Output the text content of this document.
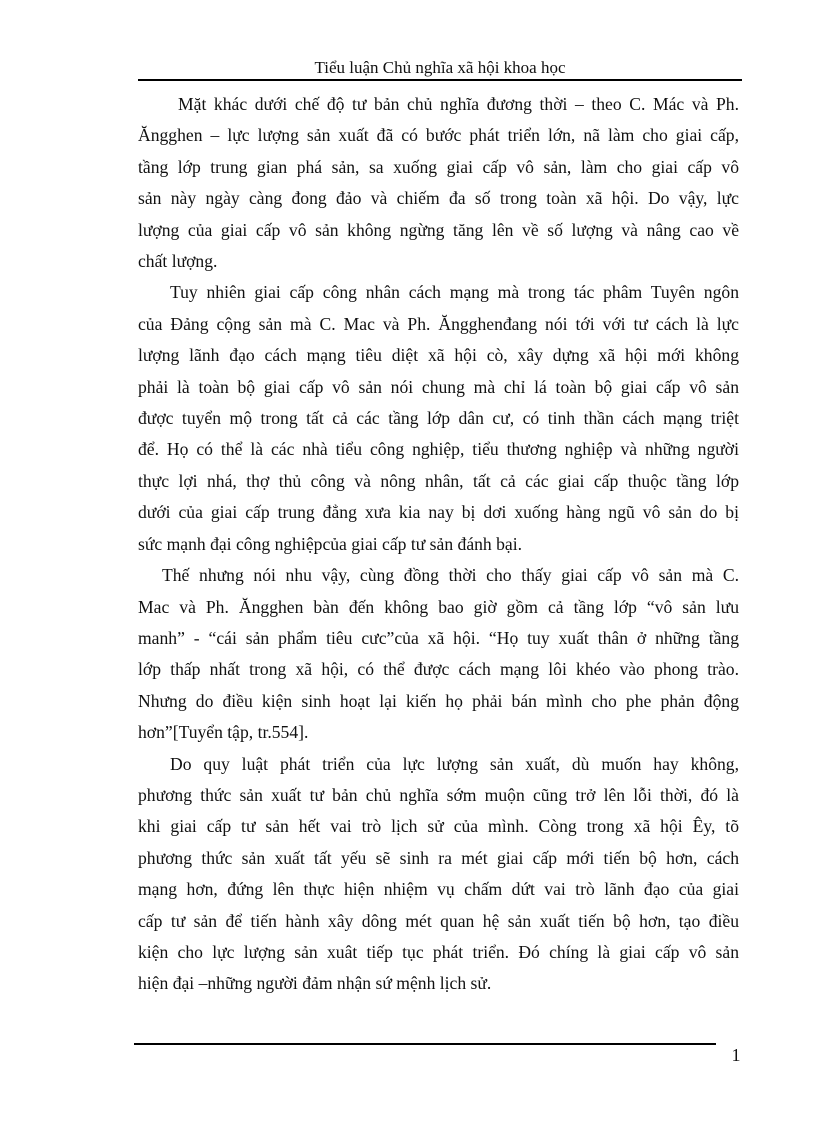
Tiểu luận Chủ nghĩa xã hội khoa học
Mặt khác dưới chế độ tư bản chủ nghĩa đương thời – theo C. Mác và Ph.
Ăngghen – lực lượng sản xuất đã có bước phát triển lớn, nã làm cho giai cấp,
tầng lớp trung gian phá sản, sa xuống giai cấp vô sản, làm cho giai cấp vô
sản này ngày càng đong đảo và chiếm đa số trong toàn xã hội. Do vậy, lực
lượng của giai cấp vô sản không ngừng tăng lên về số lượng và nâng cao về
chất lượng.
Tuy nhiên giai cấp công nhân cách mạng mà trong tác phâm Tuyên ngôn
của Đảng cộng sản mà C. Mac và Ph. Ăngghenđang nói tới với tư cách là lực
lượng lãnh đạo cách mạng tiêu diệt xã hội cò, xây dựng xã hội mới không
phải là toàn bộ giai cấp vô sản nói chung mà chỉ lá toàn bộ giai cấp vô sản
được tuyển mộ trong tất cả các tầng lớp dân cư, có tinh thần cách mạng triệt
để. Họ có thể là các nhà tiểu công nghiệp, tiểu thương nghiệp và những người
thực lợi nhá, thợ thủ công và nông nhân, tất cả các giai cấp thuộc tầng lớp
dưới của giai cấp trung đẳng xưa kia nay bị dơi xuống hàng ngũ vô sản do bị
sức mạnh đại công nghiệpcủa giai cấp tư sản đánh bại.
Thế nhưng nói nhu vậy, cùng đồng thời cho thấy giai cấp vô sản mà C.
Mac và Ph. Ăngghen bàn đến không bao giờ gồm cả tầng lớp “vô sản lưu
manh” - “cái sản phẩm tiêu cưc”của xã hội. “Họ tuy xuất thân ở những tầng
lớp thấp nhất trong xã hội, có thể được cách mạng lôi khéo vào phong trào.
Nhưng do điều kiện sinh hoạt lại kiến họ phải bán mình cho phe phản động
hơn”[Tuyển tập, tr.554].
Do quy luật phát triển của lực lượng sản xuất, dù muốn hay không,
phương thức sản xuất tư bản chủ nghĩa sớm muộn cũng trở lên lỗi thời, đó là
khi giai cấp tư sản hết vai trò lịch sử của mình. Còng trong xã hội Êy, tõ
phương thức sản xuất tất yếu sẽ sinh ra mét giai cấp mới tiến bộ hơn, cách
mạng hơn, đứng lên thực hiện nhiệm vụ chấm dứt vai trò lãnh đạo của giai
cấp tư sản để tiến hành xây dông mét quan hệ sản xuất tiến bộ hơn, tạo điều
kiện cho lực lượng sản xuât tiếp tục phát triển. Đó chíng là giai cấp vô sản
hiện đại –những người đảm nhận sứ mệnh lịch sử.
1
